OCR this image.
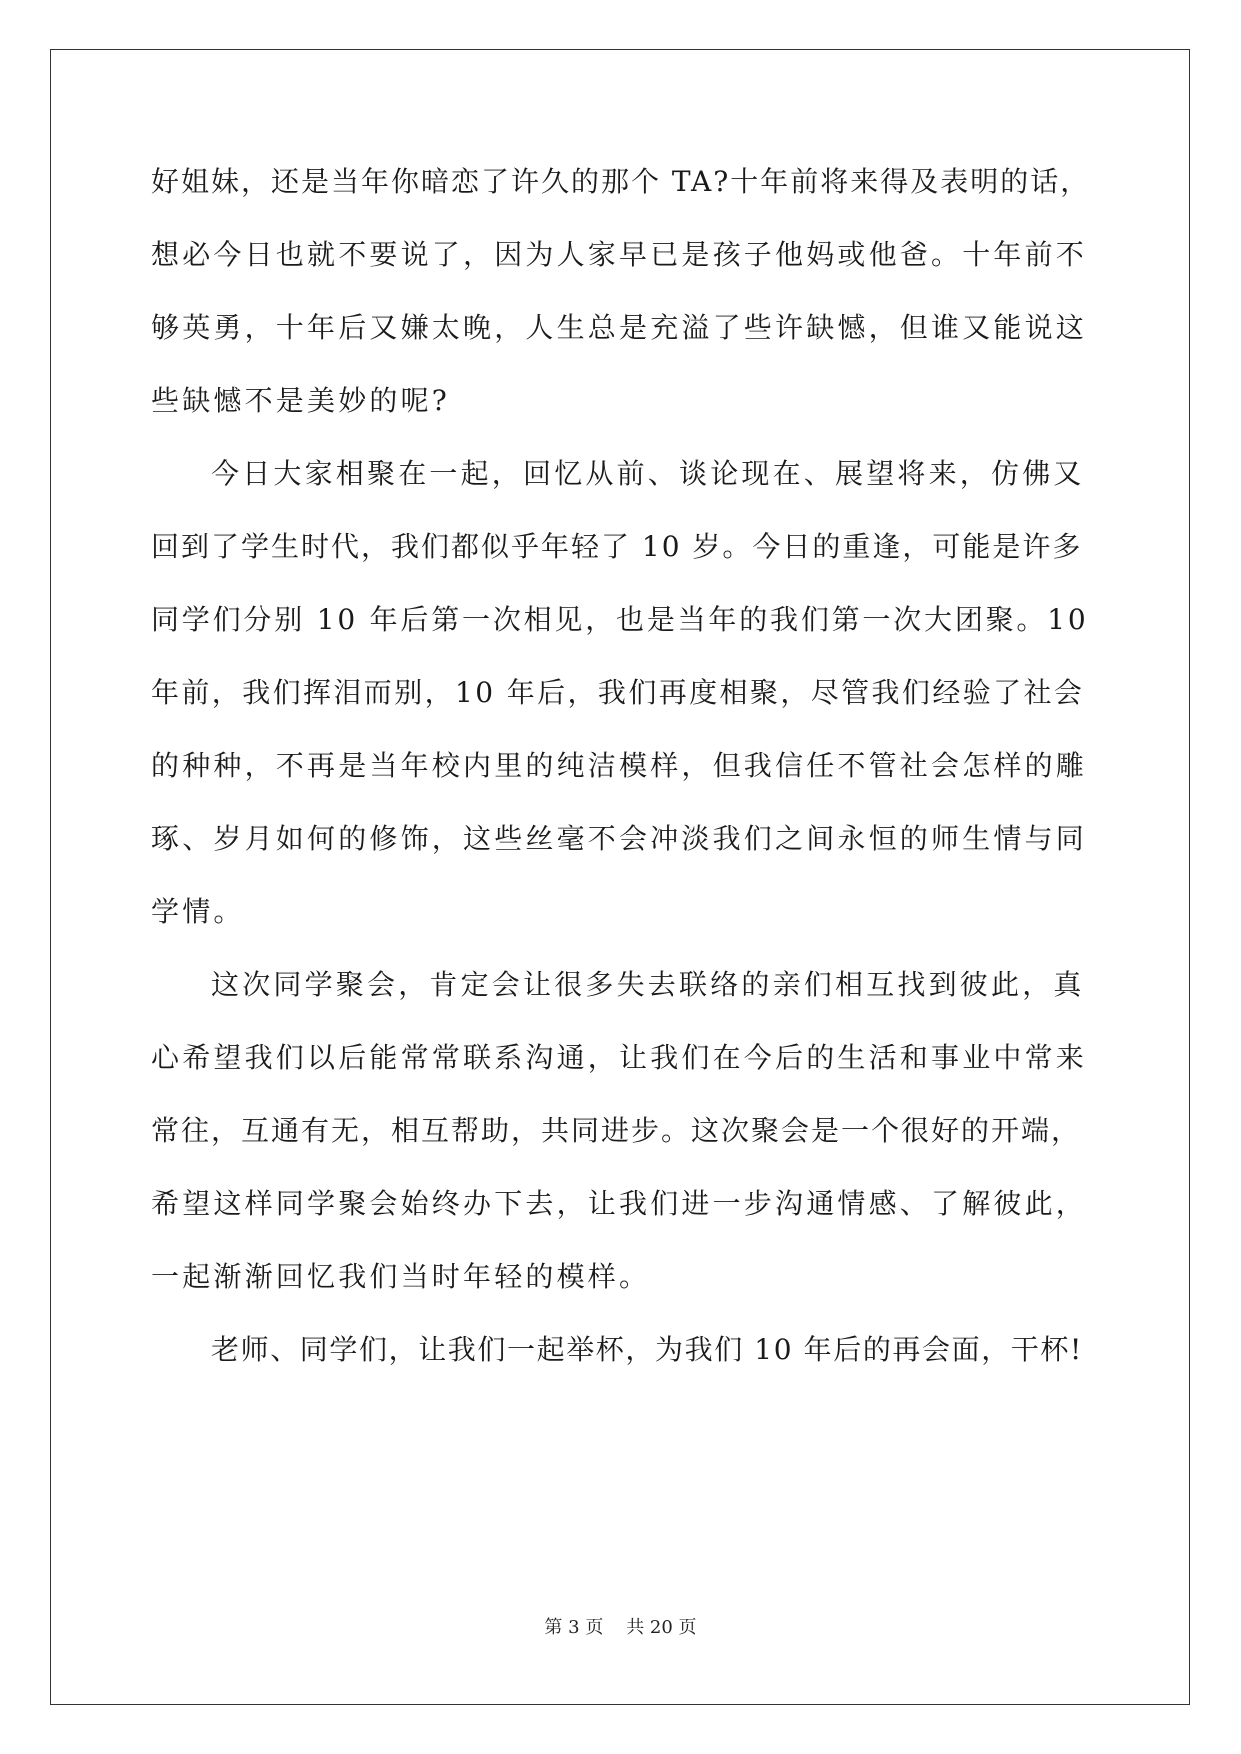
好姐妹，还是当年你暗恋了许久的那个 TA?十年前将来得及表明的话，
想必今日也就不要说了，因为人家早已是孩子他妈或他爸。十年前不
够英勇，十年后又嫌太晚，人生总是充溢了些许缺憾，但谁又能说这
些缺憾不是美妙的呢?
今日大家相聚在一起，回忆从前、谈论现在、展望将来，仿佛又
回到了学生时代，我们都似乎年轻了 10 岁。今日的重逢，可能是许多
同学们分别 10 年后第一次相见，也是当年的我们第一次大团聚。10
年前，我们挥泪而别，10 年后，我们再度相聚，尽管我们经验了社会
的种种，不再是当年校内里的纯洁模样，但我信任不管社会怎样的雕
琢、岁月如何的修饰，这些丝毫不会冲淡我们之间永恒的师生情与同
学情。
这次同学聚会，肯定会让很多失去联络的亲们相互找到彼此，真
心希望我们以后能常常联系沟通，让我们在今后的生活和事业中常来
常往，互通有无，相互帮助，共同进步。这次聚会是一个很好的开端，
希望这样同学聚会始终办下去，让我们进一步沟通情感、了解彼此，
一起渐渐回忆我们当时年轻的模样。
老师、同学们，让我们一起举杯，为我们 10 年后的再会面，干杯!
第 3 页    共 20 页
